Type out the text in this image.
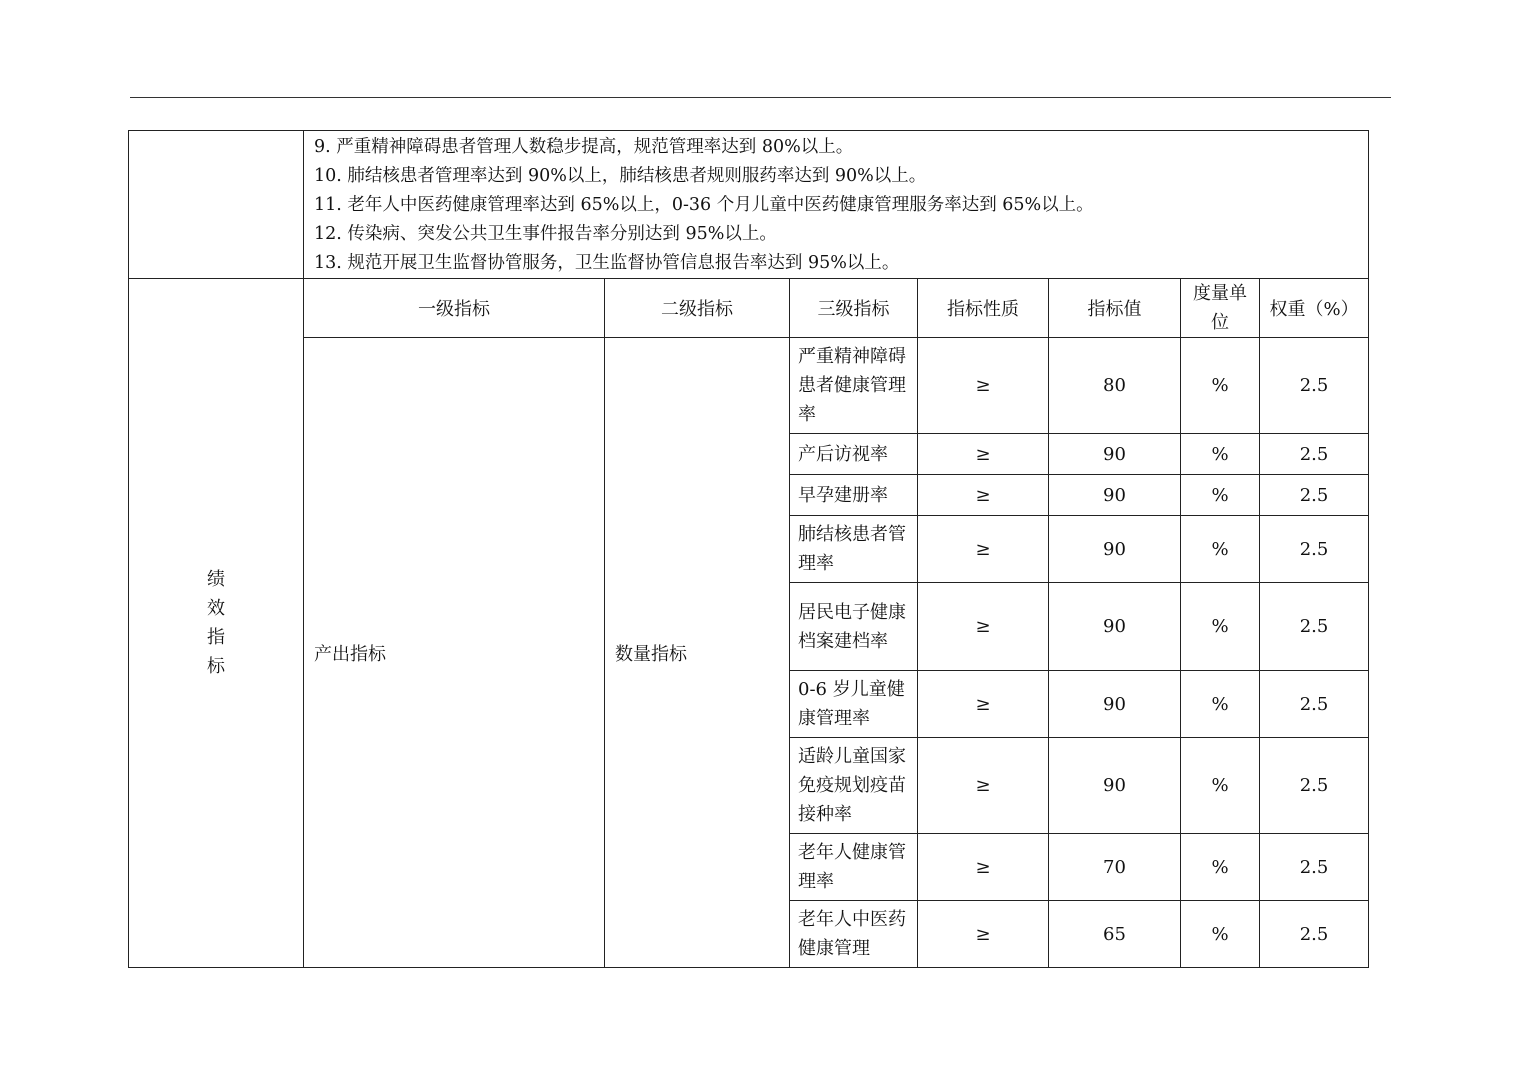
	9. 严重精神障碍患者管理人数稳步提高，规范管理率达到 80%以上。
10. 肺结核患者管理率达到 90%以上，肺结核患者规则服药率达到 90%以上。
11. 老年人中医药健康管理率达到 65%以上，0-36 个月儿童中医药健康管理服务率达到 65%以上。
12. 传染病、突发公共卫生事件报告率分别达到 95%以上。
13. 规范开展卫生监督协管服务，卫生监督协管信息报告率达到 95%以上。						

绩
效
指
标	一级指标	二级指标	三级指标	指标性质	指标值	度量单位	权重（%）
	产出指标	数量指标	严重精神障碍患者健康管理率	≥	80	%	2.5
			产后访视率	≥	90	%	2.5
			早孕建册率	≥	90	%	2.5
			肺结核患者管理率	≥	90	%	2.5
			居民电子健康档案建档率	≥	90	%	2.5
			0-6 岁儿童健康管理率	≥	90	%	2.5
			适龄儿童国家免疫规划疫苗接种率	≥	90	%	2.5
			老年人健康管理率	≥	70	%	2.5
			老年人中医药健康管理	≥	65	%	2.5
